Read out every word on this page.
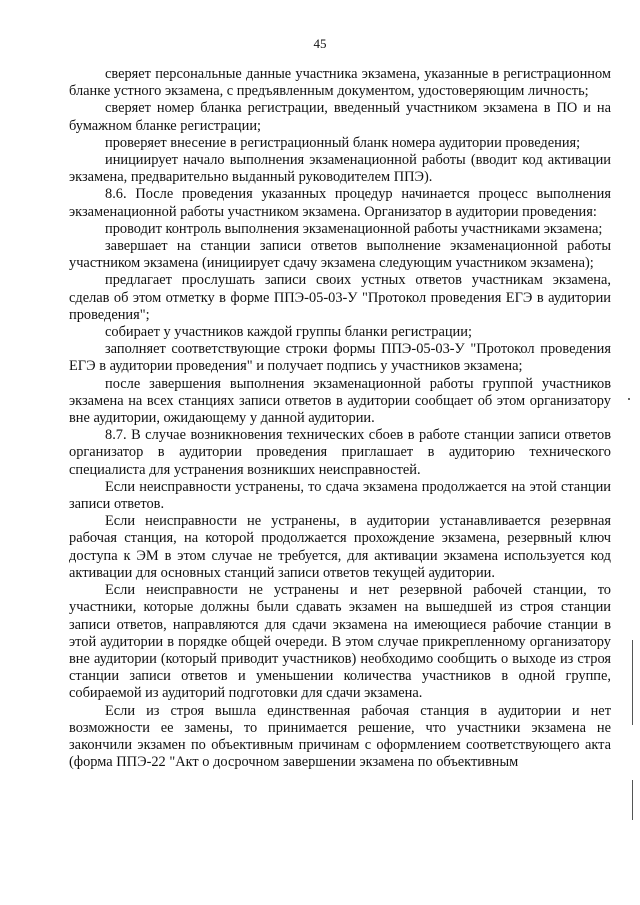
45

сверяет персональные данные участника экзамена, указанные в регистрационном бланке устного экзамена, с предъявленным документом, удостоверяющим личность;

сверяет номер бланка регистрации, введенный участником экзамена в ПО и на бумажном бланке регистрации;

проверяет внесение в регистрационный бланк номера аудитории проведения;

инициирует начало выполнения экзаменационной работы (вводит код активации экзамена, предварительно выданный руководителем ППЭ).

8.6. После проведения указанных процедур начинается процесс выполнения экзаменационной работы участником экзамена. Организатор в аудитории проведения:

проводит контроль выполнения экзаменационной работы участниками экзамена;

завершает на станции записи ответов выполнение экзаменационной работы участником экзамена (инициирует сдачу экзамена следующим участником экзамена);

предлагает прослушать записи своих устных ответов участникам экзамена, сделав об этом отметку в форме ППЭ-05-03-У "Протокол проведения ЕГЭ в аудитории проведения";

собирает у участников каждой группы бланки регистрации;

заполняет соответствующие строки формы ППЭ-05-03-У "Протокол проведения ЕГЭ в аудитории проведения" и получает подпись у участников экзамена;

после завершения выполнения экзаменационной работы группой участников экзамена на всех станциях записи ответов в аудитории сообщает об этом организатору вне аудитории, ожидающему у данной аудитории.

8.7. В случае возникновения технических сбоев в работе станции записи ответов организатор в аудитории проведения приглашает в аудиторию технического специалиста для устранения возникших неисправностей.

Если неисправности устранены, то сдача экзамена продолжается на этой станции записи ответов.

Если неисправности не устранены, в аудитории устанавливается резервная рабочая станция, на которой продолжается прохождение экзамена, резервный ключ доступа к ЭМ в этом случае не требуется, для активации экзамена используется код активации для основных станций записи ответов текущей аудитории.

Если неисправности не устранены и нет резервной рабочей станции, то участники, которые должны были сдавать экзамен на вышедшей из строя станции записи ответов, направляются для сдачи экзамена на имеющиеся рабочие станции в этой аудитории в порядке общей очереди. В этом случае прикрепленному организатору вне аудитории (который приводит участников) необходимо сообщить о выходе из строя станции записи ответов и уменьшении количества участников в одной группе, собираемой из аудиторий подготовки для сдачи экзамена.

Если из строя вышла единственная рабочая станция в аудитории и нет возможности ее замены, то принимается решение, что участники экзамена не закончили экзамен по объективным причинам с оформлением соответствующего акта (форма ППЭ-22 "Акт о досрочном завершении экзамена по объективным
